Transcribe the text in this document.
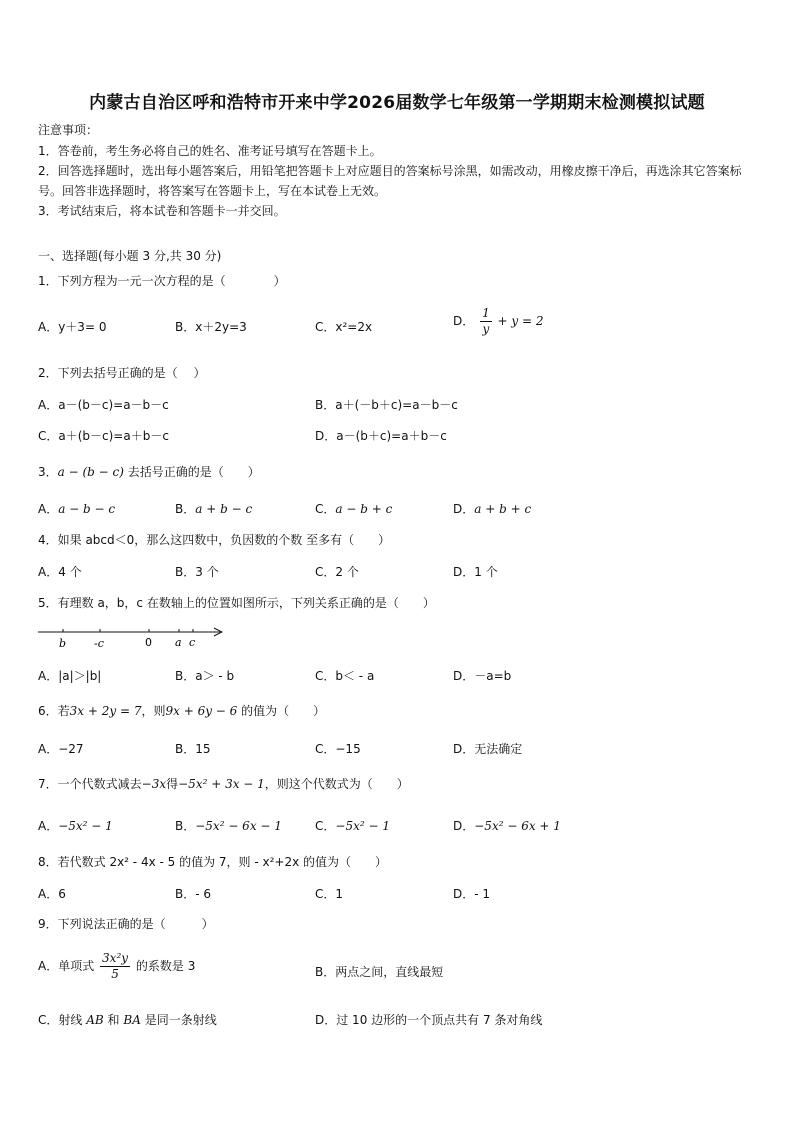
内蒙古自治区呼和浩特市开来中学2026届数学七年级第一学期期末检测模拟试题
注意事项：
1．答卷前，考生务必将自己的姓名、准考证号填写在答题卡上。
2．回答选择题时，选出每小题答案后，用铅笔把答题卡上对应题目的答案标号涂黑，如需改动，用橡皮擦干净后，再选涂其它答案标号。回答非选择题时，将答案写在答题卡上，写在本试卷上无效。
3．考试结束后，将本试卷和答题卡一并交回。
一、选择题(每小题 3 分,共 30 分)
1．下列方程为一元一次方程的是（　　　　）
A．y＋3= 0	B．x＋2y=3	C．x²=2x	D． $\frac{1}{y} + y = 2$
2．下列去括号正确的是（　 ）
A．a－(b－c)=a－b－c	B．a＋(－b＋c)=a－b－c
C．a＋(b－c)=a＋b－c	D．a－(b＋c)=a＋b－c
3．a − (b − c) 去括号正确的是（　　）
A．a − b − c	B．a + b − c	C．a − b + c	D．a + b + c
4．如果 abcd＜0，那么这四数中，负因数的个数 至多有（　　）
A．4 个	B．3 个	C．2 个	D．1 个
5．有理数 a，b，c 在数轴上的位置如图所示，下列关系正确的是（　　）
b	-c	0 a c
A．|a|＞|b|	B．a＞ - b	C．b＜ - a	D．－a=b
6．若3x + 2y = 7，则9x + 6y − 6 的值为（　　）
A．−27	B．15	C．−15	D．无法确定
7．一个代数式减去−3x得−5x² + 3x − 1，则这个代数式为（　　）
A．−5x² − 1	B．−5x² − 6x − 1	C．−5x² − 1	D．−5x² − 6x + 1
8．若代数式 2x² - 4x - 5 的值为 7，则 - x²+2x 的值为（　　）
A．6	B．- 6	C．1	D．- 1
9．下列说法正确的是（　　　）
A．单项式 $\frac{\text{3x²y}}{5}$ 的系数是 3	B．两点之间，直线最短
C．射线 AB 和 BA 是同一条射线	D．过 10 边形的一个顶点共有 7 条对角线
